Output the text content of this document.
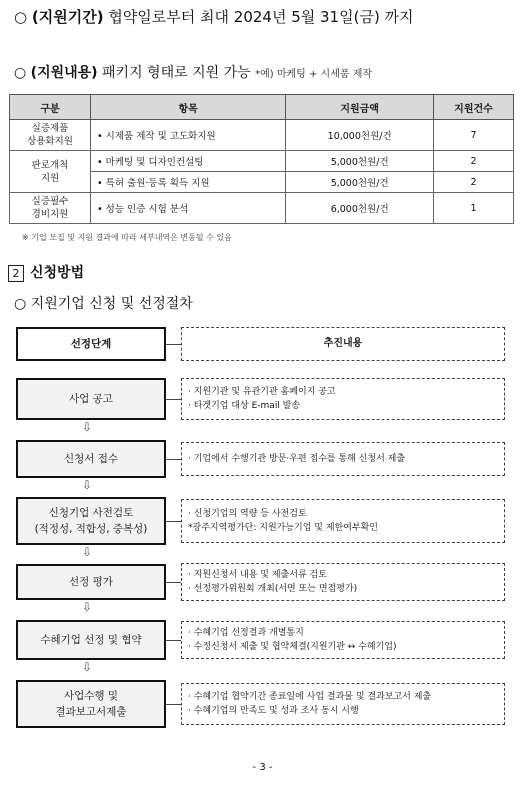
○ (지원기간) 협약일로부터 최대 2024년 5월 31일(금) 까지
○ (지원내용) 패키지 형태로 지원 가능 *예) 마케팅 + 시세품 제작
구분	항목	지원금액	지원건수
실증제품
상용화지원	• 시제품 제작 및 고도화지원	10,000천원/건	7
판로개척
지원	• 마케팅 및 디자인컨설팅	5,000천원/건	2
	• 특허 출원·등록 획득 지원	5,000천원/건	2
실증필수
경비지원	• 성능 인증 시험 분석	6,000천원/건	1
※ 기업 모집 및 지원 결과에 따라 세부내역은 변동될 수 있음
2 신청방법
○ 지원기업 신청 및 선정절차
선정단계	추진내용
사업 공고
· 지원기관 및 유관기관 홈페이지 공고
· 타겟기업 대상 E-mail 발송
⇩
신청서 접수	· 기업에서 수행기관 방문·우편 접수를 통해 신청서 제출
⇩
신청기업 사전검토
(적정성, 적합성, 중복성)
· 신청기업의 역량 등 사전검토
*광주지역평가단: 지원가능기업 및 제한여부확인
⇩
선정 평가
· 지원신청서 내용 및 제출서류 검토
· 선정평가위원회 개최(서면 또는 면접평가)
⇩
수혜기업 선정 및 협약
· 수혜기업 선정결과 개별통지
· 수정신청서 제출 및 협약체결(지원기관 ↔ 수혜기업)
⇩
사업수행 및
결과보고서제출
· 수혜기업 협약기간 종료일에 사업 결과물 및 결과보고서 제출
· 수혜기업의 만족도 및 성과 조사 동시 시행
- 3 -
